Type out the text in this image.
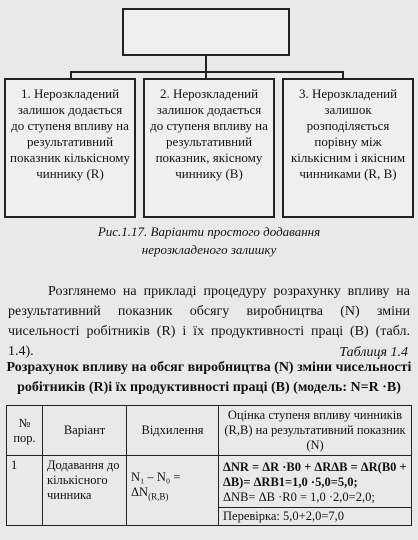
1. Нерозкладений залишок додається до ступеня впливу на результативний показник кількісному чиннику (R)
2. Нерозкладений залишок додається до ступеня впливу на результативний показник, якісному чиннику (В)
3. Нерозкладений залишок розподіляється порівну між кількісним і якісним чинниками (R, B)
Рис.1.17. Варіанти простого додавання
нерозкладеного залишку
Розглянемо на прикладі процедуру розрахунку впливу на результативний показник обсягу виробництва (N) зміни чисельності робітників (R) і їх продуктивності праці (B) (табл. 1.4).	Таблиця 1.4
Розрахунок впливу на обсяг виробництва (N) зміни чисельності робітників (R)і їх продуктивності праці (B) (модель: N=R ·B)
№ пор.	Варіант	Відхилення	Оцінка ступеня впливу чинників (R,B) на результативний показник (N)
1	Додавання до кількісного чинника	$N_1 - N_0 = \Delta N_{(R,B)}$	ΔNR = ΔR ·B0 + ΔRΔB = ΔR(B0 +
ΔB)= ΔRB1=1,0 ·5,0=5,0;
ΔNB= ΔB ·R0 = 1,0 ·2,0=2,0;

			Перевірка: 5,0+2,0=7,0
